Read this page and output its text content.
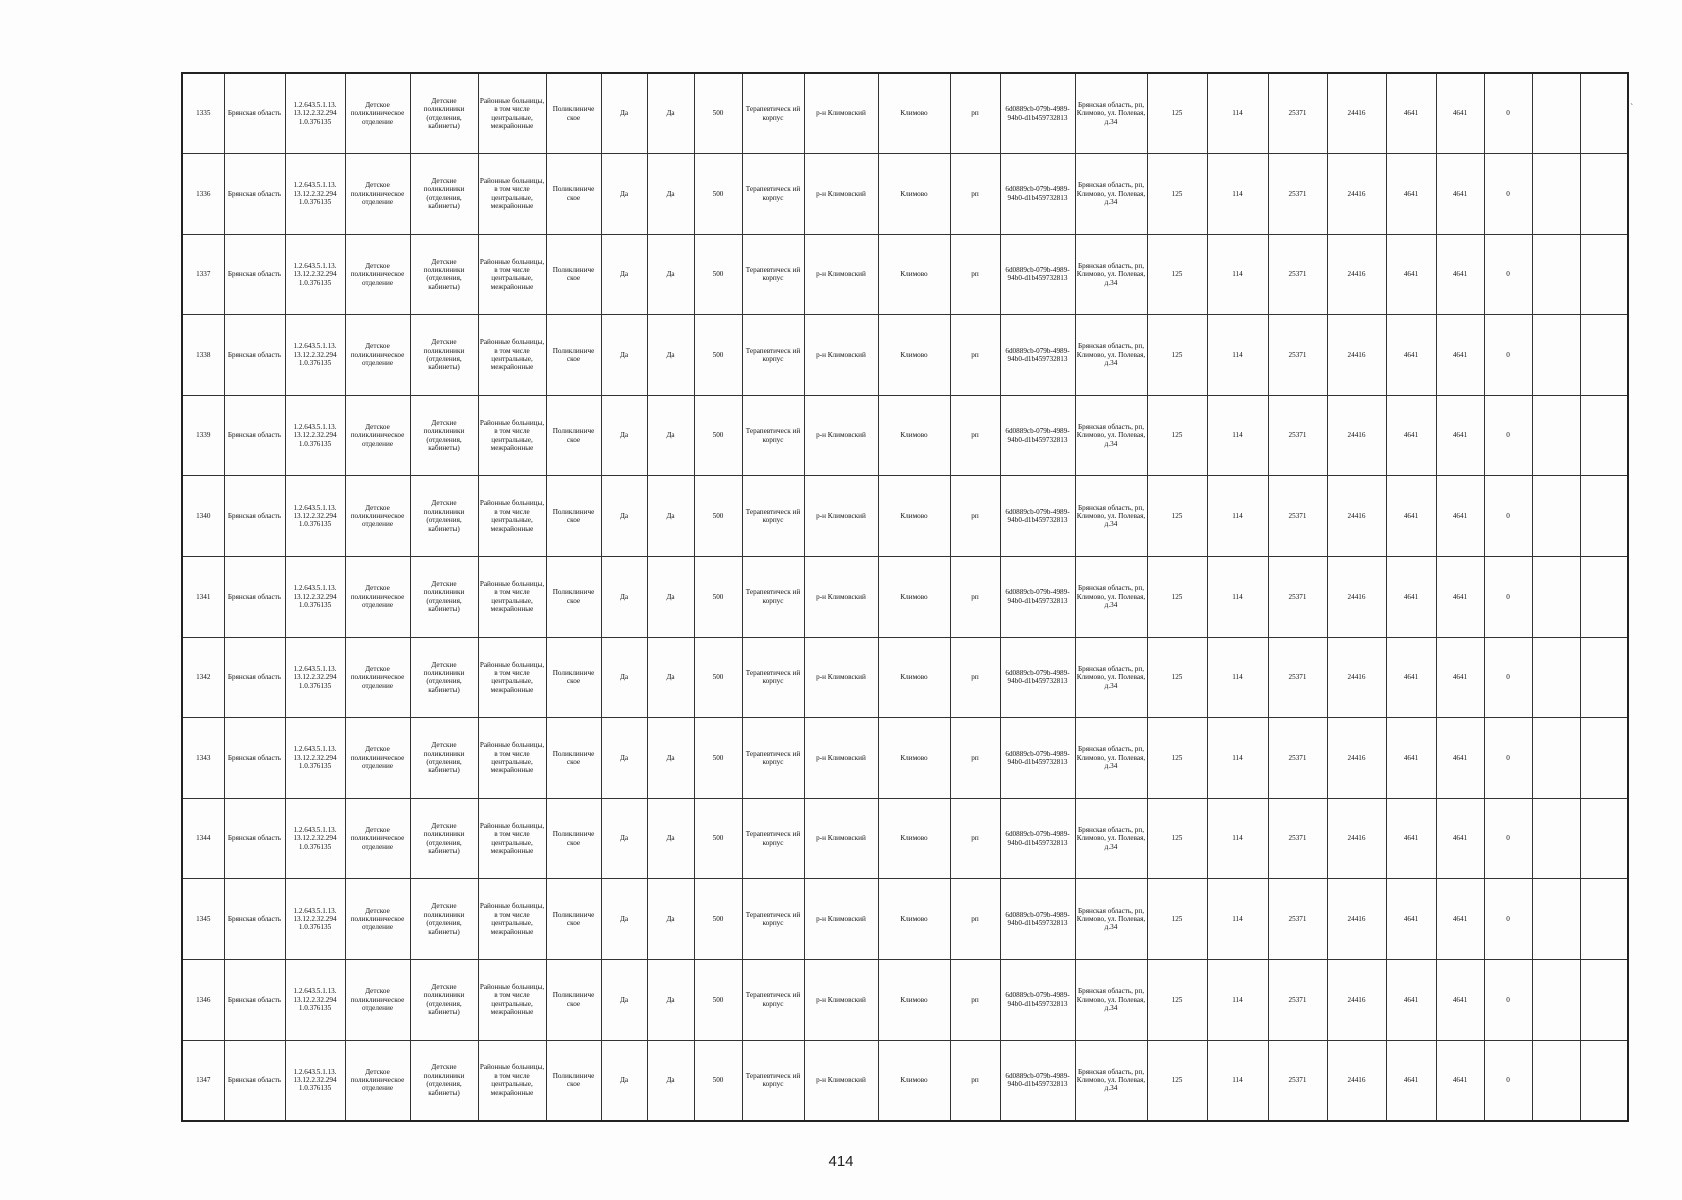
`
1335	Брянская область	1.2.643.5.1.13. 13.12.2.32.294 1.0.376135	Детское поликлиническое отделение	Детские поликлиники (отделения, кабинеты)	Районные больницы, в том числе центральные, межрайонные	Поликлиниче ское	Да	Да	500	Терапевтическ ий корпус	р-н Климовский	Климово	рп	6d0889cb-079b-4989-94b0-d1b459732813	Брянская область, рп, Климово, ул. Полевая, д.34	125	114	25371	24416	4641	4641	0		
1336	Брянская область	1.2.643.5.1.13. 13.12.2.32.294 1.0.376135	Детское поликлиническое отделение	Детские поликлиники (отделения, кабинеты)	Районные больницы, в том числе центральные, межрайонные	Поликлиниче ское	Да	Да	500	Терапевтическ ий корпус	р-н Климовский	Климово	рп	6d0889cb-079b-4989-94b0-d1b459732813	Брянская область, рп, Климово, ул. Полевая, д.34	125	114	25371	24416	4641	4641	0		
1337	Брянская область	1.2.643.5.1.13. 13.12.2.32.294 1.0.376135	Детское поликлиническое отделение	Детские поликлиники (отделения, кабинеты)	Районные больницы, в том числе центральные, межрайонные	Поликлиниче ское	Да	Да	500	Терапевтическ ий корпус	р-н Климовский	Климово	рп	6d0889cb-079b-4989-94b0-d1b459732813	Брянская область, рп, Климово, ул. Полевая, д.34	125	114	25371	24416	4641	4641	0		
1338	Брянская область	1.2.643.5.1.13. 13.12.2.32.294 1.0.376135	Детское поликлиническое отделение	Детские поликлиники (отделения, кабинеты)	Районные больницы, в том числе центральные, межрайонные	Поликлиниче ское	Да	Да	500	Терапевтическ ий корпус	р-н Климовский	Климово	рп	6d0889cb-079b-4989-94b0-d1b459732813	Брянская область, рп, Климово, ул. Полевая, д.34	125	114	25371	24416	4641	4641	0		
1339	Брянская область	1.2.643.5.1.13. 13.12.2.32.294 1.0.376135	Детское поликлиническое отделение	Детские поликлиники (отделения, кабинеты)	Районные больницы, в том числе центральные, межрайонные	Поликлиниче ское	Да	Да	500	Терапевтическ ий корпус	р-н Климовский	Климово	рп	6d0889cb-079b-4989-94b0-d1b459732813	Брянская область, рп, Климово, ул. Полевая, д.34	125	114	25371	24416	4641	4641	0		
1340	Брянская область	1.2.643.5.1.13. 13.12.2.32.294 1.0.376135	Детское поликлиническое отделение	Детские поликлиники (отделения, кабинеты)	Районные больницы, в том числе центральные, межрайонные	Поликлиниче ское	Да	Да	500	Терапевтическ ий корпус	р-н Климовский	Климово	рп	6d0889cb-079b-4989-94b0-d1b459732813	Брянская область, рп, Климово, ул. Полевая, д.34	125	114	25371	24416	4641	4641	0		
1341	Брянская область	1.2.643.5.1.13. 13.12.2.32.294 1.0.376135	Детское поликлиническое отделение	Детские поликлиники (отделения, кабинеты)	Районные больницы, в том числе центральные, межрайонные	Поликлиниче ское	Да	Да	500	Терапевтическ ий корпус	р-н Климовский	Климово	рп	6d0889cb-079b-4989-94b0-d1b459732813	Брянская область, рп, Климово, ул. Полевая, д.34	125	114	25371	24416	4641	4641	0		
1342	Брянская область	1.2.643.5.1.13. 13.12.2.32.294 1.0.376135	Детское поликлиническое отделение	Детские поликлиники (отделения, кабинеты)	Районные больницы, в том числе центральные, межрайонные	Поликлиниче ское	Да	Да	500	Терапевтическ ий корпус	р-н Климовский	Климово	рп	6d0889cb-079b-4989-94b0-d1b459732813	Брянская область, рп, Климово, ул. Полевая, д.34	125	114	25371	24416	4641	4641	0		
1343	Брянская область	1.2.643.5.1.13. 13.12.2.32.294 1.0.376135	Детское поликлиническое отделение	Детские поликлиники (отделения, кабинеты)	Районные больницы, в том числе центральные, межрайонные	Поликлиниче ское	Да	Да	500	Терапевтическ ий корпус	р-н Климовский	Климово	рп	6d0889cb-079b-4989-94b0-d1b459732813	Брянская область, рп, Климово, ул. Полевая, д.34	125	114	25371	24416	4641	4641	0		
1344	Брянская область	1.2.643.5.1.13. 13.12.2.32.294 1.0.376135	Детское поликлиническое отделение	Детские поликлиники (отделения, кабинеты)	Районные больницы, в том числе центральные, межрайонные	Поликлиниче ское	Да	Да	500	Терапевтическ ий корпус	р-н Климовский	Климово	рп	6d0889cb-079b-4989-94b0-d1b459732813	Брянская область, рп, Климово, ул. Полевая, д.34	125	114	25371	24416	4641	4641	0		
1345	Брянская область	1.2.643.5.1.13. 13.12.2.32.294 1.0.376135	Детское поликлиническое отделение	Детские поликлиники (отделения, кабинеты)	Районные больницы, в том числе центральные, межрайонные	Поликлиниче ское	Да	Да	500	Терапевтическ ий корпус	р-н Климовский	Климово	рп	6d0889cb-079b-4989-94b0-d1b459732813	Брянская область, рп, Климово, ул. Полевая, д.34	125	114	25371	24416	4641	4641	0		
1346	Брянская область	1.2.643.5.1.13. 13.12.2.32.294 1.0.376135	Детское поликлиническое отделение	Детские поликлиники (отделения, кабинеты)	Районные больницы, в том числе центральные, межрайонные	Поликлиниче ское	Да	Да	500	Терапевтическ ий корпус	р-н Климовский	Климово	рп	6d0889cb-079b-4989-94b0-d1b459732813	Брянская область, рп, Климово, ул. Полевая, д.34	125	114	25371	24416	4641	4641	0		
1347	Брянская область	1.2.643.5.1.13. 13.12.2.32.294 1.0.376135	Детское поликлиническое отделение	Детские поликлиники (отделения, кабинеты)	Районные больницы, в том числе центральные, межрайонные	Поликлиниче ское	Да	Да	500	Терапевтическ ий корпус	р-н Климовский	Климово	рп	6d0889cb-079b-4989-94b0-d1b459732813	Брянская область, рп, Климово, ул. Полевая, д.34	125	114	25371	24416	4641	4641	0		
414
